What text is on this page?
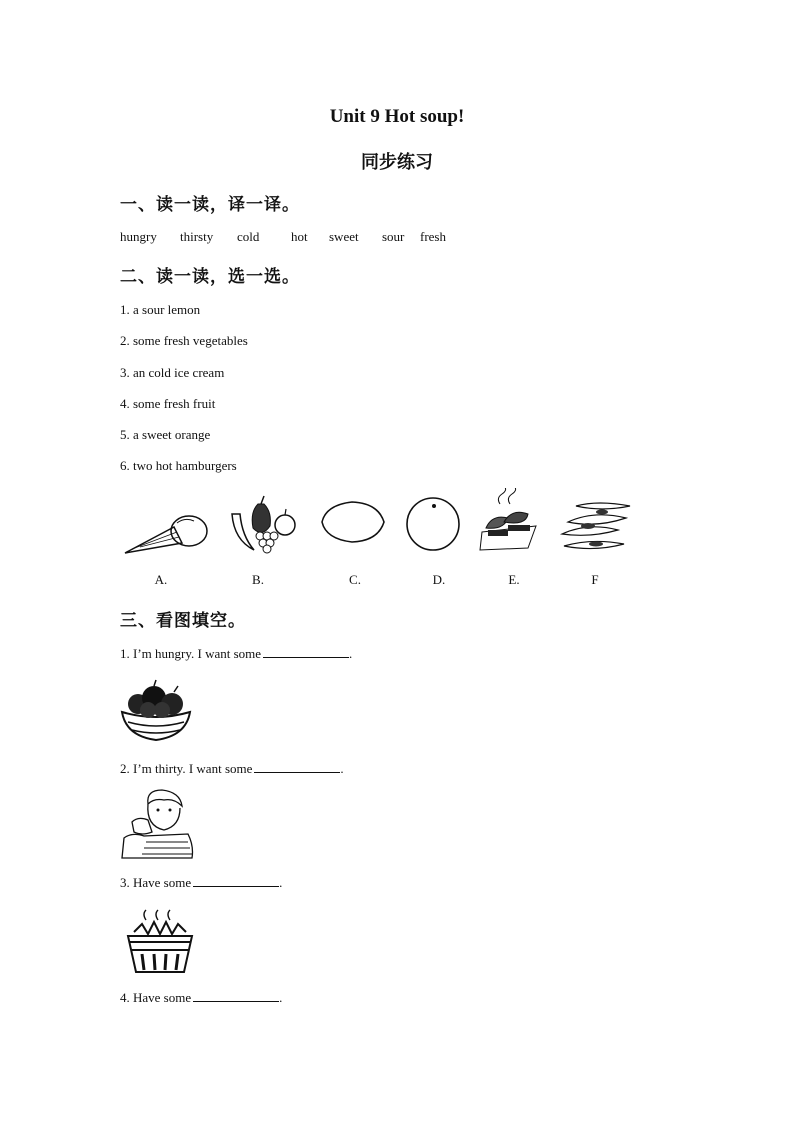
Unit 9 Hot soup!
同步练习
一、读一读，译一译。
hungry	thirsty	cold	hot	sweet	sour	fresh
二、读一读，选一选。
1. a sour lemon
2. some fresh vegetables
3. an cold ice cream
4. some fresh fruit
5. a sweet orange
6. two hot hamburgers
A.	B.	C.	D.	E.	F
三、看图填空。
1. I’m hungry. I want some	.
2. I’m thirty. I want some	.
3. Have some	.
4. Have some	.
